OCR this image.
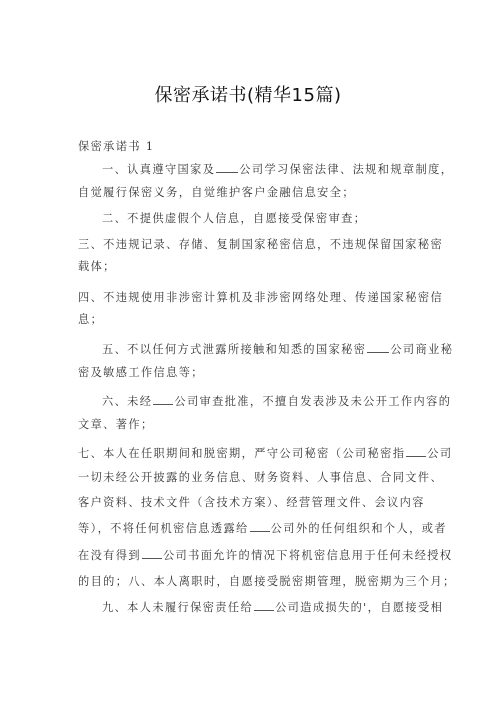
保密承诺书(精华15篇)
保密承诺书 1
一、认真遵守国家及 公司学习保密法律、法规和规章制度，
自觉履行保密义务，自觉维护客户金融信息安全；
二、不提供虚假个人信息，自愿接受保密审查；
三、不违规记录、存储、复制国家秘密信息，不违规保留国家秘密
载体；
四、不违规使用非涉密计算机及非涉密网络处理、传递国家秘密信
息；
五、不以任何方式泄露所接触和知悉的国家秘密 公司商业秘
密及敏感工作信息等；
六、未经 公司审查批准，不擅自发表涉及未公开工作内容的
文章、著作；
七、本人在任职期间和脱密期，严守公司秘密（公司秘密指 公司
一切未经公开披露的业务信息、财务资料、人事信息、合同文件、
客户资料、技术文件（含技术方案）、经营管理文件、会议内容
等），不将任何机密信息透露给 公司外的任何组织和个人，或者
在没有得到 公司书面允许的情况下将机密信息用于任何未经授权
的目的；八、本人离职时，自愿接受脱密期管理，脱密期为三个月；
九、本人未履行保密责任给 公司造成损失的'，自愿接受相
